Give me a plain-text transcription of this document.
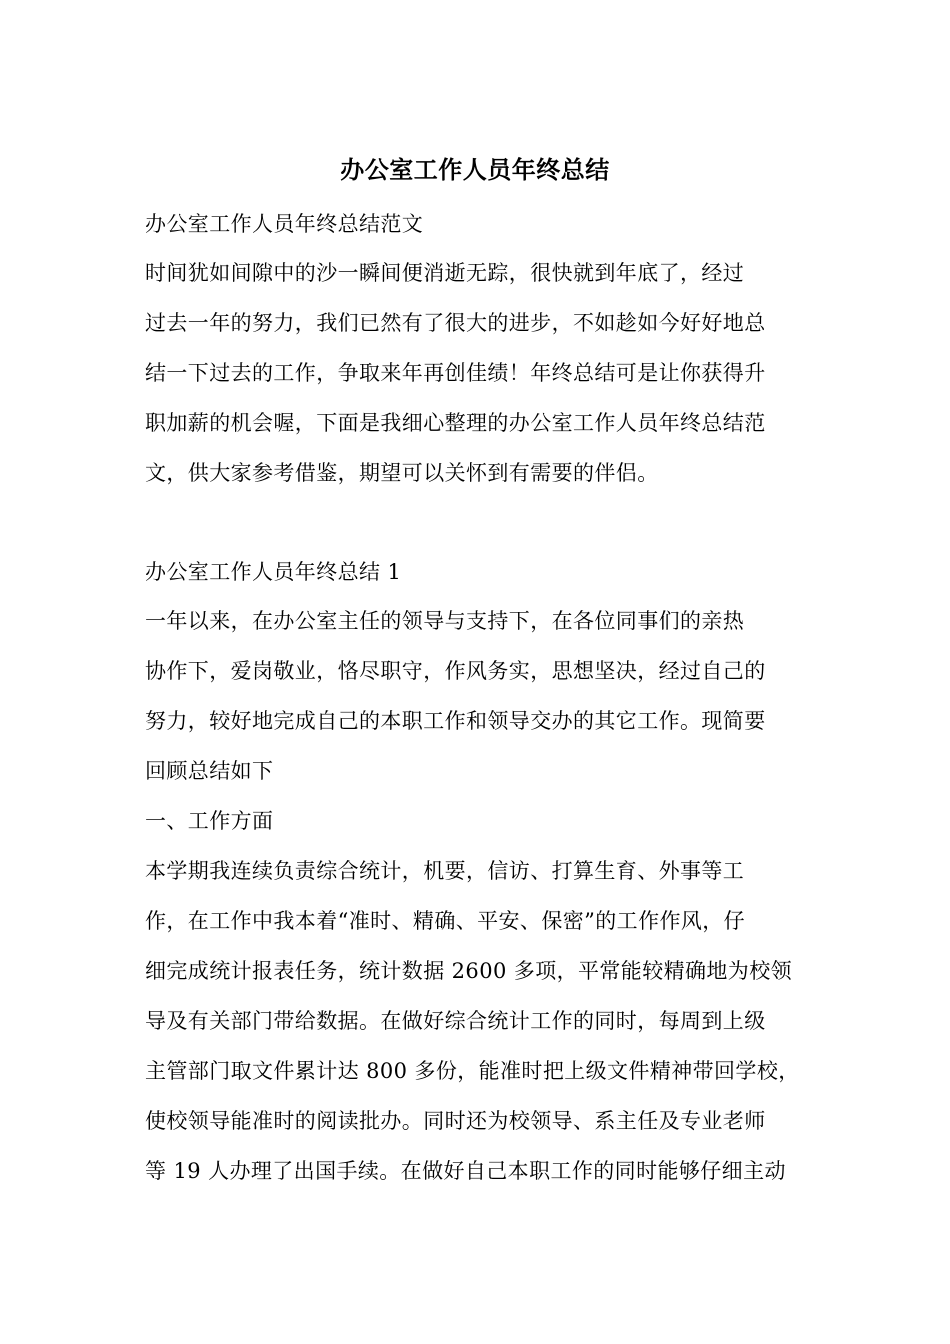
办公室工作人员年终总结
办公室工作人员年终总结范文
时间犹如间隙中的沙一瞬间便消逝无踪，很快就到年底了，经过
过去一年的努力，我们已然有了很大的进步，不如趁如今好好地总
结一下过去的工作，争取来年再创佳绩！年终总结可是让你获得升
职加薪的机会喔，下面是我细心整理的办公室工作人员年终总结范
文，供大家参考借鉴，期望可以关怀到有需要的伴侣。
办公室工作人员年终总结 1
一年以来，在办公室主任的领导与支持下，在各位同事们的亲热
协作下，爱岗敬业，恪尽职守，作风务实，思想坚决，经过自己的
努力，较好地完成自己的本职工作和领导交办的其它工作。现简要
回顾总结如下
一、工作方面
本学期我连续负责综合统计，机要，信访、打算生育、外事等工
作，在工作中我本着“准时、精确、平安、保密”的工作作风，仔
细完成统计报表任务，统计数据 2600 多项，平常能较精确地为校领
导及有关部门带给数据。在做好综合统计工作的同时，每周到上级
主管部门取文件累计达 800 多份，能准时把上级文件精神带回学校，
使校领导能准时的阅读批办。同时还为校领导、系主任及专业老师
等 19 人办理了出国手续。在做好自己本职工作的同时能够仔细主动
